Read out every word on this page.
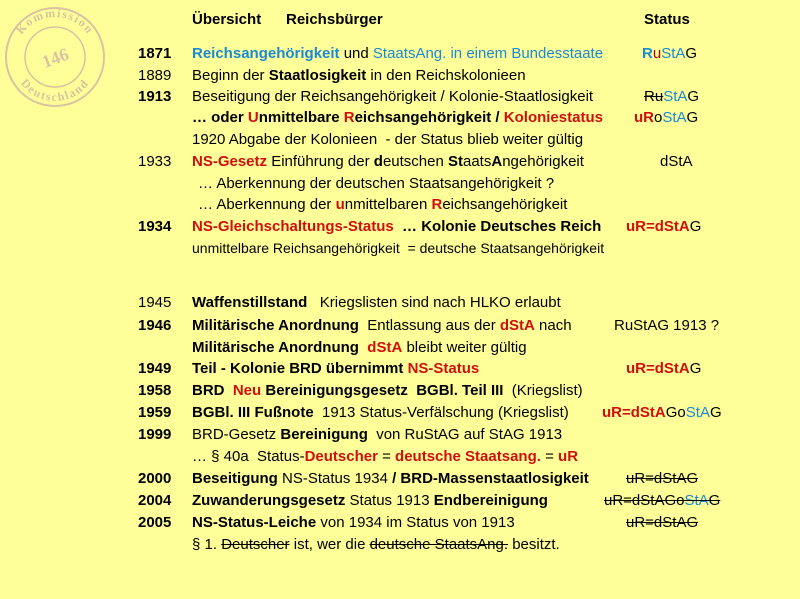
Kommission
Deutschland
146
Übersicht Reichsbürger	Status
1871 Reichsangehörigkeit und StaatsAng. in einem Bundesstaate	RuStAG
1889 Beginn der Staatlosigkeit in den Reichskolonieen
1913 Beseitigung der Reichsangehörigkeit / Kolonie-Staatlosigkeit	RuStAG
… oder Unmittelbare Reichsangehörigkeit / Koloniestatus uRoStAG
1920 Abgabe der Kolonieen  - der Status blieb weiter gültig
1933 NS-Gesetz Einführung der deutschen StaatsAngehörigkeit	dStA
… Aberkennung der deutschen Staatsangehörigkeit ?
… Aberkennung der unmittelbaren Reichsangehörigkeit
1934 NS-Gleichschaltungs-Status  … Kolonie Deutsches Reich uR=dStAG
unmittelbare Reichsangehörigkeit  = deutsche Staatsangehörigkeit
1945 Waffenstillstand   Kriegslisten sind nach HLKO erlaubt
1946 Militärische Anordnung  Entlassung aus der dStA nach	RuStAG 1913 ?
Militärische Anordnung dStA bleibt weiter gültig
1949 Teil - Kolonie BRD übernimmt NS-Status	uR=dStAG
1958 BRD  Neu Bereinigungsgesetz  BGBl. Teil III  (Kriegslist)
1959 BGBl. III Fußnote  1913 Status-Verfälschung (Kriegslist) uR=dStAGoStAG
1999 BRD-Gesetz Bereinigung  von RuStAG auf StAG 1913
… § 40a  Status-Deutscher = deutsche Staatsang. = uR
2000 Beseitigung NS-Status 1934 / BRD-Massenstaatlosigkeit uR=dStAG
2004 Zuwanderungsgesetz Status 1913 Endbereinigung	uR=dStAGoStAG
2005 NS-Status-Leiche von 1934 im Status von 1913	uR=dStAG
§ 1. Deutscher ist, wer die deutsche StaatsAng. besitzt.
